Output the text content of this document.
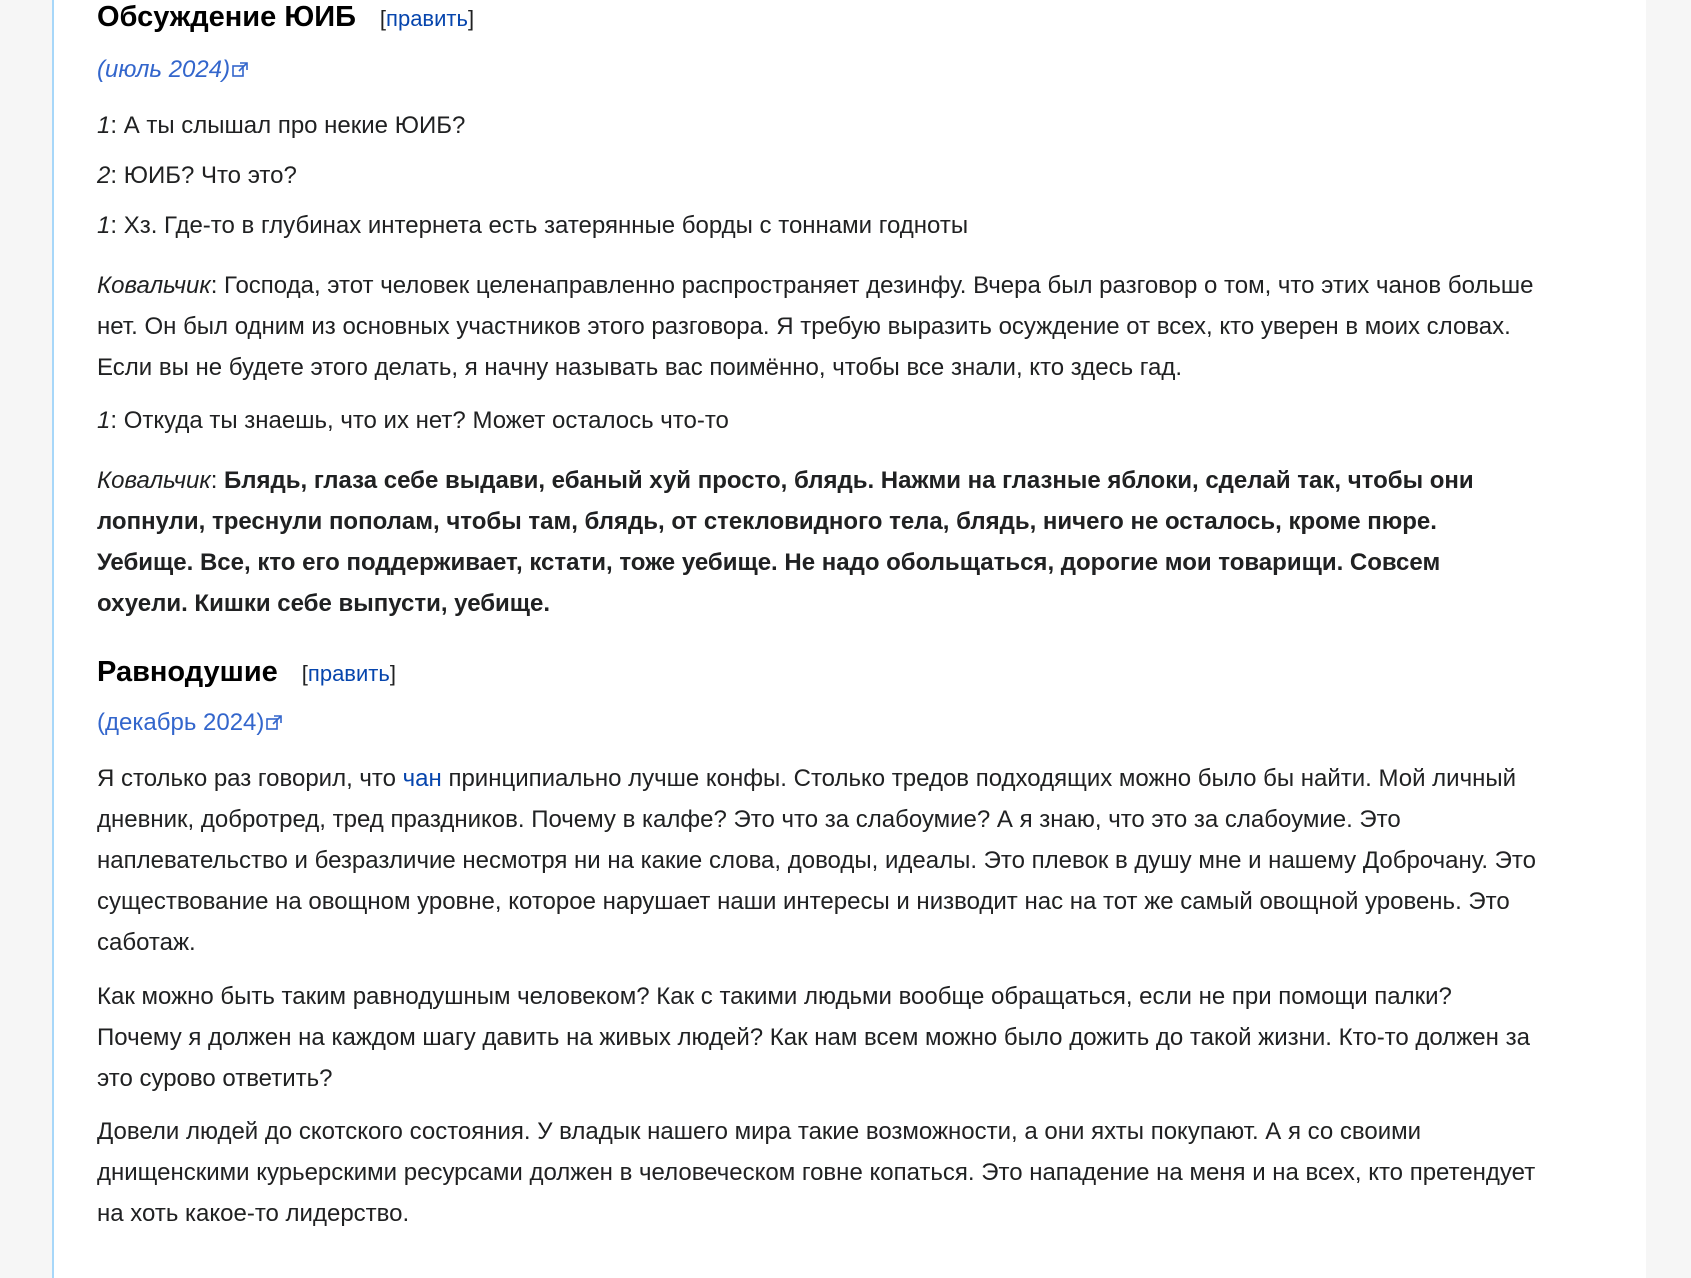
Обсуждение ЮИБ [править]
(июль 2024)

1: А ты слышал про некие ЮИБ?

2: ЮИБ? Что это?

1: Хз. Где-то в глубинах интернета есть затерянные борды с тоннами годноты

Ковальчик: Господа, этот человек целенаправленно распространяет дезинфу. Вчера был разговор о том, что этих чанов больше нет. Он был одним из основных участников этого разговора. Я требую выразить осуждение от всех, кто уверен в моих словах. Если вы не будете этого делать, я начну называть вас поимённо, чтобы все знали, кто здесь гад.

1: Откуда ты знаешь, что их нет? Может осталось что-то

Ковальчик: Блядь, глаза себе выдави, ебаный хуй просто, блядь. Нажми на глазные яблоки, сделай так, чтобы они лопнули, треснули пополам, чтобы там, блядь, от стекловидного тела, блядь, ничего не осталось, кроме пюре. Уебище. Все, кто его поддерживает, кстати, тоже уебище. Не надо обольщаться, дорогие мои товарищи. Совсем охуели. Кишки себе выпусти, уебище.

Равнодушие [править]
(декабрь 2024)

Я столько раз говорил, что чан принципиально лучше конфы. Столько тредов подходящих можно было бы найти. Мой личный дневник, добротред, тред праздников. Почему в калфе? Это что за слабоумие? А я знаю, что это за слабоумие. Это наплевательство и безразличие несмотря ни на какие слова, доводы, идеалы. Это плевок в душу мне и нашему Доброчану. Это существование на овощном уровне, которое нарушает наши интересы и низводит нас на тот же самый овощной уровень. Это саботаж.

Как можно быть таким равнодушным человеком? Как с такими людьми вообще обращаться, если не при помощи палки? Почему я должен на каждом шагу давить на живых людей? Как нам всем можно было дожить до такой жизни. Кто-то должен за это сурово ответить?

Довели людей до скотского состояния. У владык нашего мира такие возможности, а они яхты покупают. А я со своими днищенскими курьерскими ресурсами должен в человеческом говне копаться. Это нападение на меня и на всех, кто претендует на хоть какое-то лидерство.
